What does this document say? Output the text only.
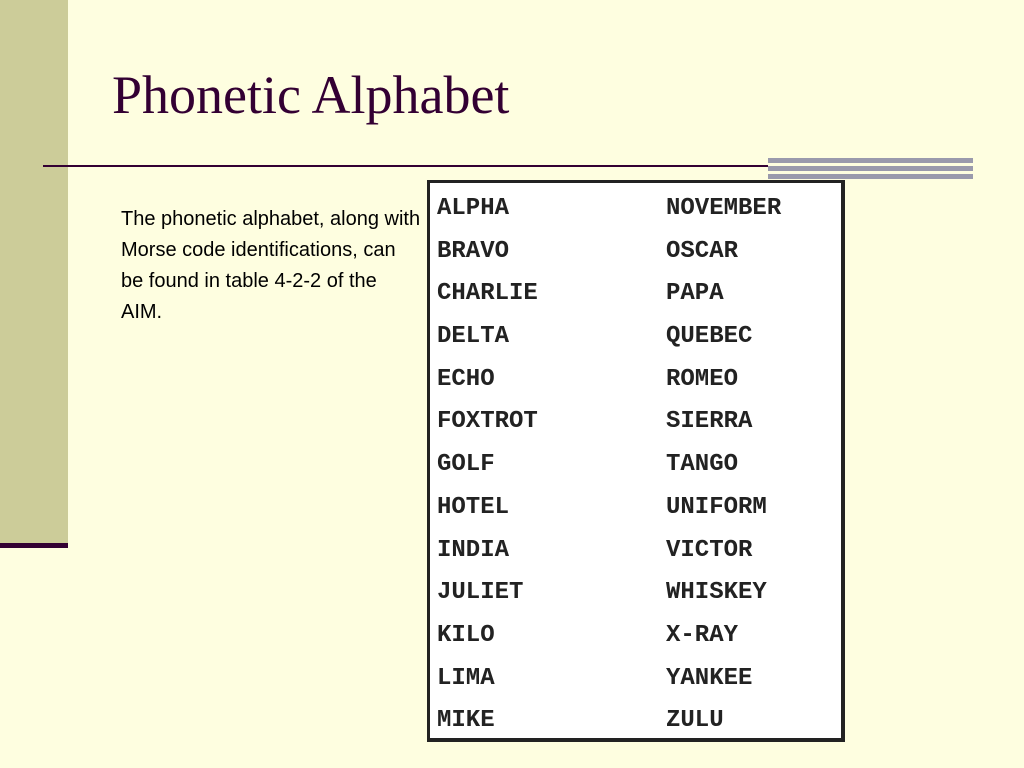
Phonetic Alphabet

The phonetic alphabet, along with Morse code identifications, can be found in table 4-2-2 of the AIM.

ALPHA
BRAVO
CHARLIE
DELTA
ECHO
FOXTROT
GOLF
HOTEL
INDIA
JULIET
KILO
LIMA
MIKE
NOVEMBER
OSCAR
PAPA
QUEBEC
ROMEO
SIERRA
TANGO
UNIFORM
VICTOR
WHISKEY
X-RAY
YANKEE
ZULU
